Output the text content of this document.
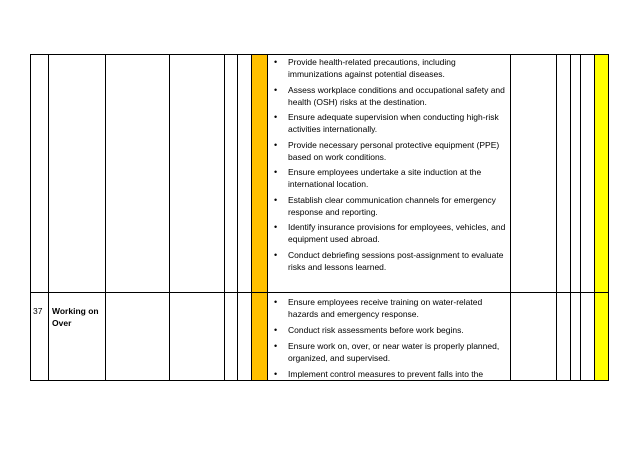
• Provide health-related precautions, including immunizations against potential diseases.
• Assess workplace conditions and occupational safety and health (OSH) risks at the destination.
• Ensure adequate supervision when conducting high-risk activities internationally.
• Provide necessary personal protective equipment (PPE) based on work conditions.
• Ensure employees undertake a site induction at the international location.
• Establish clear communication channels for emergency response and reporting.
• Identify insurance provisions for employees, vehicles, and equipment used abroad.
• Conduct debriefing sessions post-assignment to evaluate risks and lessons learned.
37 Working on Over
• Ensure employees receive training on water-related hazards and emergency response.
• Conduct risk assessments before work begins.
• Ensure work on, over, or near water is properly planned, organized, and supervised.
• Implement control measures to prevent falls into the
